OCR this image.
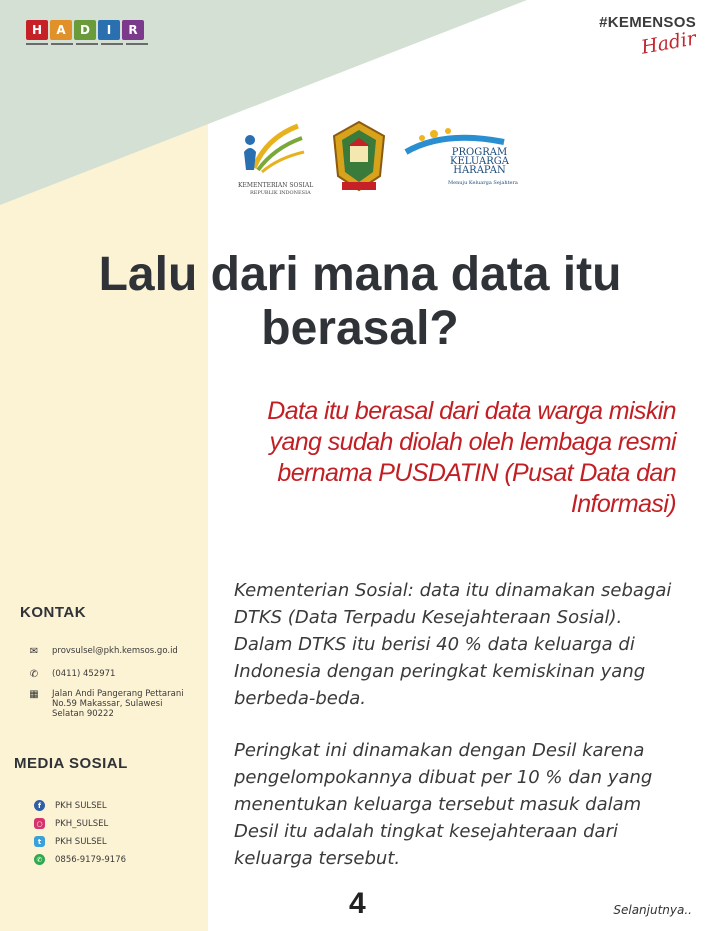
H	A	D	I	R	#KEMENSOS
Hadir
KEMENTERIAN SOSIAL
REPUBLIK INDONESIA
PROGRAM
KELUARGA
HARAPAN
Menuju Keluarga Sejahtera
Lalu dari mana data itu berasal?
Data itu berasal dari data warga miskin yang sudah diolah oleh lembaga resmi bernama PUSDATIN (Pusat Data dan Informasi)
Kementerian Sosial: data itu dinamakan sebagai DTKS (Data Terpadu Kesejahteraan Sosial). Dalam DTKS itu berisi 40 % data keluarga di Indonesia dengan peringkat kemiskinan yang berbeda-beda.
Peringkat ini dinamakan dengan Desil karena pengelompokannya dibuat per 10 % dan yang menentukan keluarga tersebut masuk dalam Desil itu adalah tingkat kesejahteraan dari keluarga tersebut.
KONTAK
✉ provsulsel@pkh.kemsos.go.id
✆ (0411) 452971
▦ Jalan Andi Pangerang Pettarani No.59 Makassar, Sulawesi Selatan 90222
MEDIA SOSIAL
f	PKH SULSEL
○ PKH_SULSEL
t	PKH SULSEL
✆	0856-9179-9176
4	Selanjutnya..
